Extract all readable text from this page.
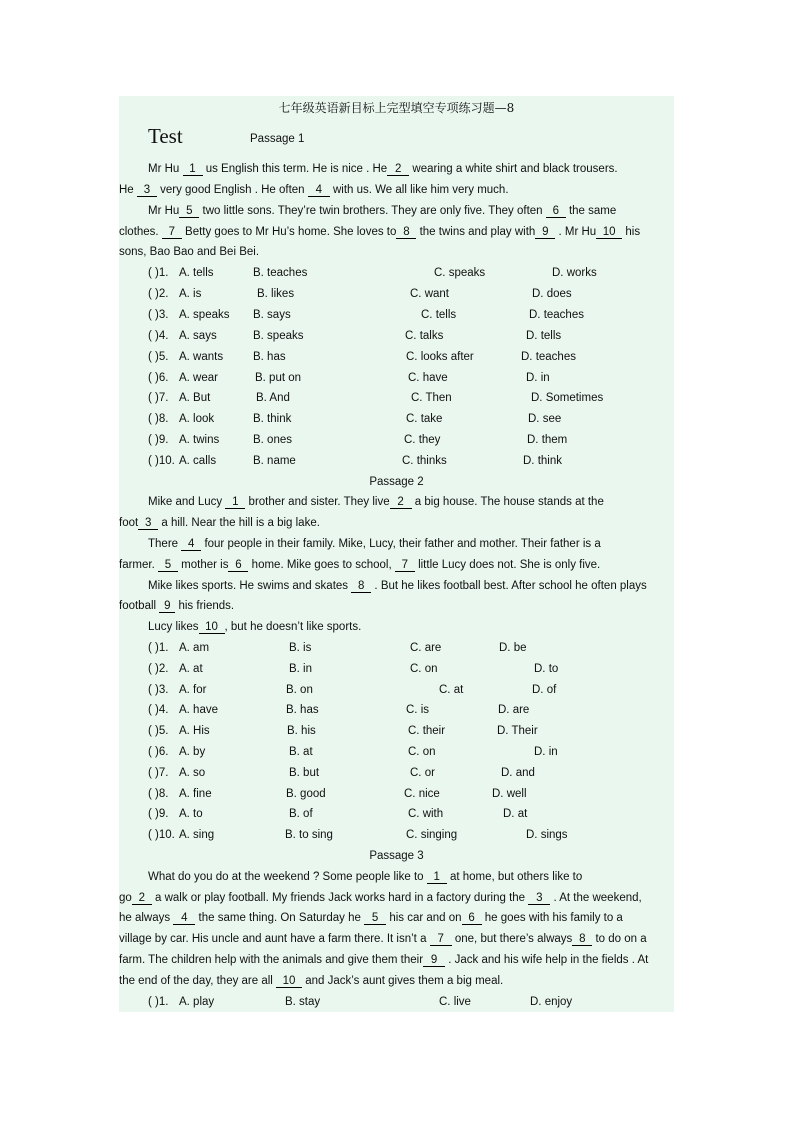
七年级英语新目标上完型填空专项练习题—8
Test	Passage 1
Mr Hu 1 us English this term. He is nice . He 2 wearing a white shirt and black trousers.
He 3 very good English . He often 4 with us. We all like him very much.
Mr Hu 5 two little sons. They’re twin brothers. They are only five. They often 6 the same
clothes. 7 Betty goes to Mr Hu’s home. She loves to 8 the twins and play with 9 . Mr Hu 10 his
sons, Bao Bao and Bei Bei.
( )1. A. tells	B. teaches	C. speaks	D. works
( )2. A. is	B. likes	C. want	D. does
( )3. A. speaks B. says	C. tells	D. teaches
( )4. A. says	B. speaks	C. talks	D. tells
( )5. A. wants	B. has	C. looks after	D. teaches
( )6. A. wear	B. put on	C. have	D. in
( )7. A. But	B. And	C. Then	D. Sometimes
( )8. A. look	B. think	C. take	D. see
( )9. A. twins	B. ones	C. they	D. them
( )10. A. calls	B. name	C. thinks	D. think
Passage 2
Mike and Lucy 1 brother and sister. They live 2 a big house. The house stands at the
foot 3 a hill. Near the hill is a big lake.
There 4 four people in their family. Mike, Lucy, their father and mother. Their father is a
farmer. 5 mother is 6 home. Mike goes to school, 7 little Lucy does not. She is only five.
Mike likes sports. He swims and skates 8 . But he likes football best. After school he often plays
football 9 his friends.
Lucy likes 10 , but he doesn’t like sports.
( )1. A. am	B. is	C. are	D. be
( )2. A. at	B. in	C. on	D. to
( )3. A. for	B. on	C. at	D. of
( )4. A. have	B. has	C. is	D. are
( )5. A. His	B. his	C. their	D. Their
( )6. A. by	B. at	C. on	D. in
( )7. A. so	B. but	C. or	D. and
( )8. A. fine	B. good	C. nice	D. well
( )9. A. to	B. of	C. with	D. at
( )10. A. sing	B. to sing	C. singing	D. sings
Passage 3
What do you do at the weekend ? Some people like to 1 at home, but others like to
go 2 a walk or play football. My friends Jack works hard in a factory during the 3 . At the weekend,
he always 4 the same thing. On Saturday he 5 his car and on 6 he goes with his family to a
village by car. His uncle and aunt have a farm there. It isn’t a 7 one, but there’s always 8 to do on a
farm. The children help with the animals and give them their 9 . Jack and his wife help in the fields . At
the end of the day, they are all 10 and Jack’s aunt gives them a big meal.
( )1. A. play	B. stay	C. live	D. enjoy
